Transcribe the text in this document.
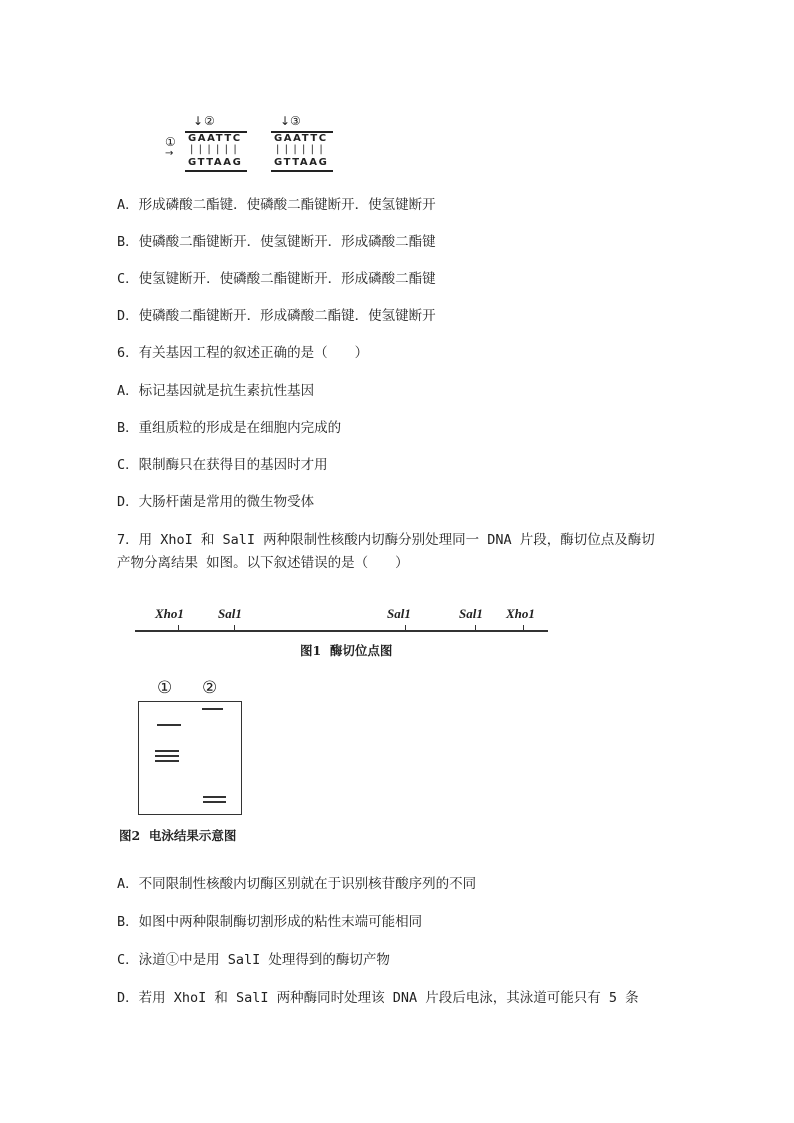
↓ ②
①
→
GAATTC
||||||
GTTAAG
↓ ③
GAATTC
||||||
GTTAAG
A．形成磷酸二酯键．使磷酸二酯键断开．使氢键断开
B．使磷酸二酯键断开．使氢键断开．形成磷酸二酯键
C．使氢键断开．使磷酸二酯键断开．形成磷酸二酯键
D．使磷酸二酯键断开．形成磷酸二酯键．使氢键断开
6．有关基因工程的叙述正确的是（　　）
A．标记基因就是抗生素抗性基因
B．重组质粒的形成是在细胞内完成的
C．限制酶只在获得目的基因时才用
D．大肠杆菌是常用的微生物受体
7．用 XhoI 和 SalI 两种限制性核酸内切酶分别处理同一 DNA 片段，酶切位点及酶切
产物分离结果 如图。以下叙述错误的是（　　）
Xho1	Sal1	Sal1	Sal1 Xho1
图1  酶切位点图
① ②
图2  电泳结果示意图
A．不同限制性核酸内切酶区别就在于识别核苷酸序列的不同
B．如图中两种限制酶切割形成的粘性末端可能相同
C．泳道①中是用 SalI 处理得到的酶切产物
D．若用 XhoI 和 SalI 两种酶同时处理该 DNA 片段后电泳，其泳道可能只有 5 条
